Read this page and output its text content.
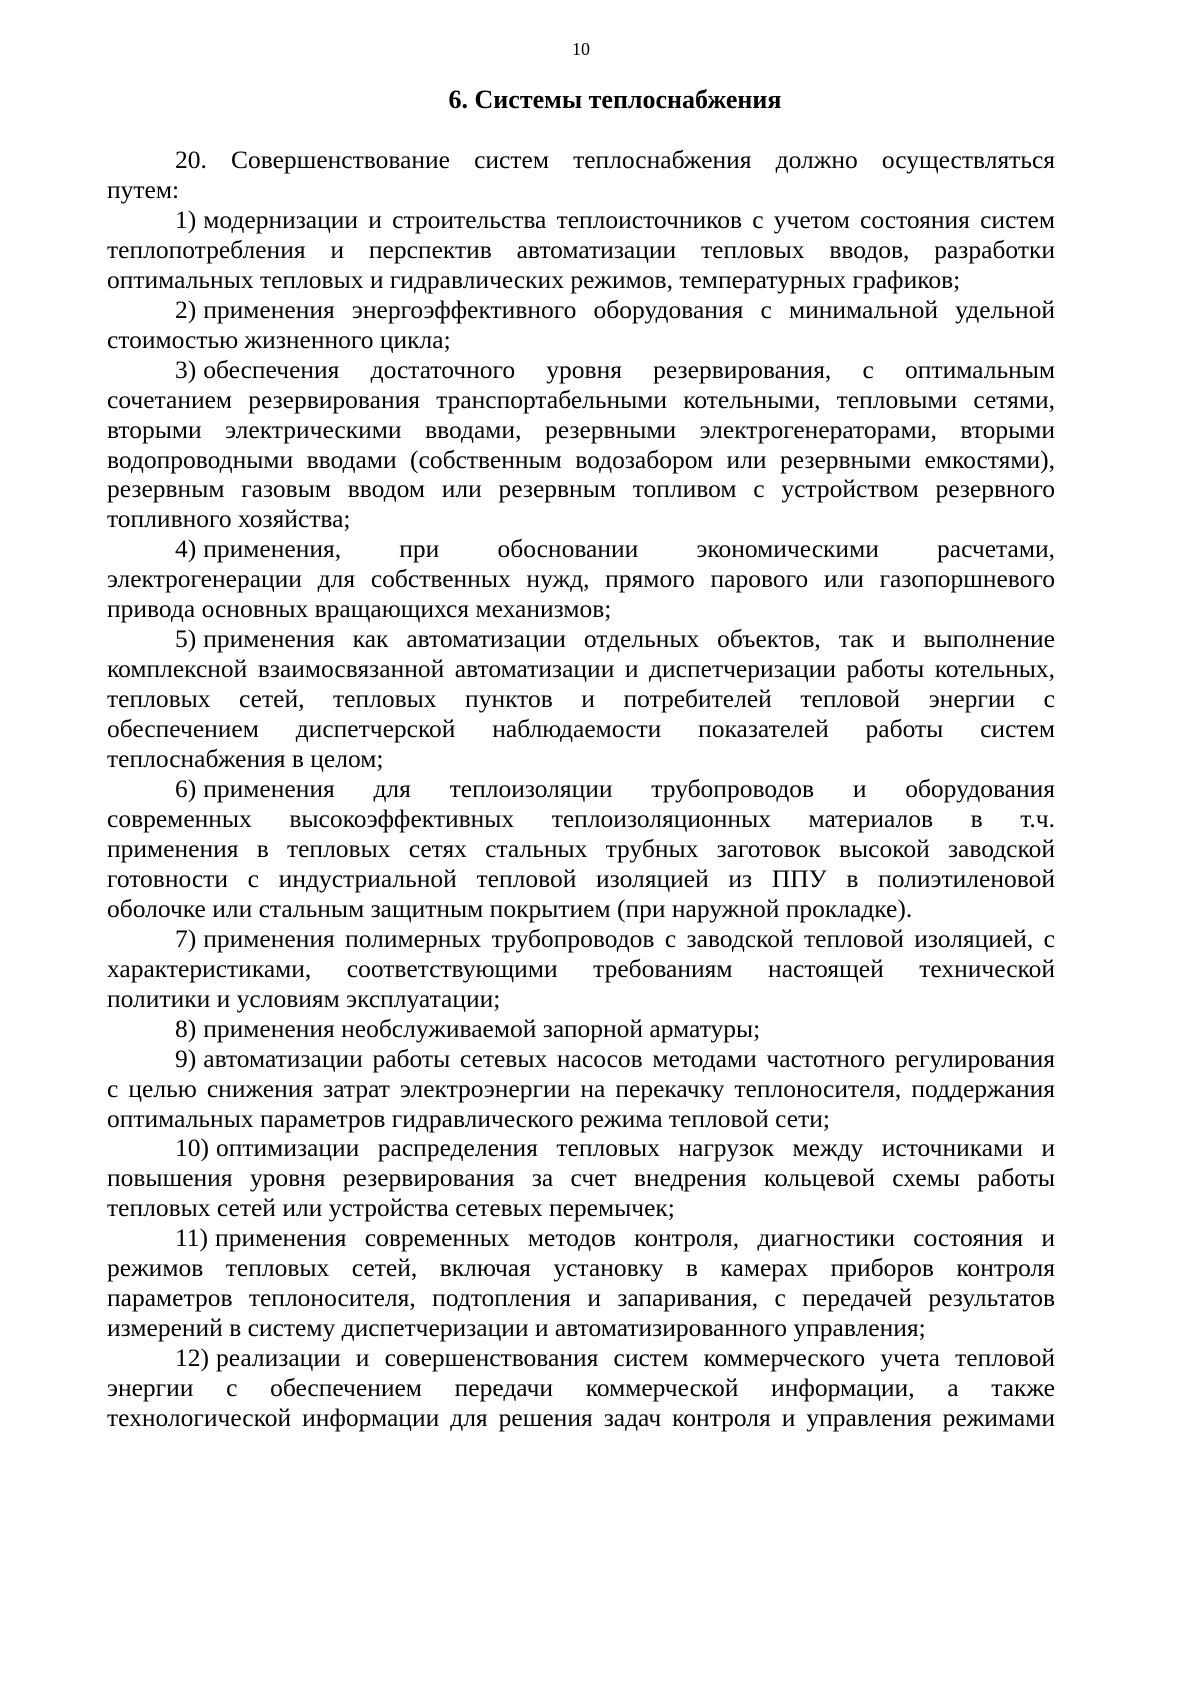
10
6. Системы теплоснабжения
20. Совершенствование систем теплоснабжения должно осуществляться
путем:
1) модернизации и строительства теплоисточников с учетом состояния систем
теплопотребления и перспектив автоматизации тепловых вводов, разработки
оптимальных тепловых и гидравлических режимов, температурных графиков;
2) применения энергоэффективного оборудования с минимальной удельной
стоимостью жизненного цикла;
3) обеспечения достаточного уровня резервирования, с оптимальным
сочетанием резервирования транспортабельными котельными, тепловыми сетями,
вторыми электрическими вводами, резервными электрогенераторами, вторыми
водопроводными вводами (собственным водозабором или резервными емкостями),
резервным газовым вводом или резервным топливом с устройством резервного
топливного хозяйства;
4) применения, при обосновании экономическими расчетами,
электрогенерации для собственных нужд, прямого парового или газопоршневого
привода основных вращающихся механизмов;
5) применения как автоматизации отдельных объектов, так и выполнение
комплексной взаимосвязанной автоматизации и диспетчеризации работы котельных,
тепловых сетей, тепловых пунктов и потребителей тепловой энергии с
обеспечением диспетчерской наблюдаемости показателей работы систем
теплоснабжения в целом;
6) применения для теплоизоляции трубопроводов и оборудования
современных высокоэффективных теплоизоляционных материалов в т.ч.
применения в тепловых сетях стальных трубных заготовок высокой заводской
готовности с индустриальной тепловой изоляцией из ППУ в полиэтиленовой
оболочке или стальным защитным покрытием (при наружной прокладке).
7) применения полимерных трубопроводов с заводской тепловой изоляцией, с
характеристиками, соответствующими требованиям настоящей технической
политики и условиям эксплуатации;
8) применения необслуживаемой запорной арматуры;
9) автоматизации работы сетевых насосов методами частотного регулирования
с целью снижения затрат электроэнергии на перекачку теплоносителя, поддержания
оптимальных параметров гидравлического режима тепловой сети;
10) оптимизации распределения тепловых нагрузок между источниками и
повышения уровня резервирования за счет внедрения кольцевой схемы работы
тепловых сетей или устройства сетевых перемычек;
11) применения современных методов контроля, диагностики состояния и
режимов тепловых сетей, включая установку в камерах приборов контроля
параметров теплоносителя, подтопления и запаривания, с передачей результатов
измерений в систему диспетчеризации и автоматизированного управления;
12) реализации и совершенствования систем коммерческого учета тепловой
энергии с обеспечением передачи коммерческой информации, а также
технологической информации для решения задач контроля и управления режимами
